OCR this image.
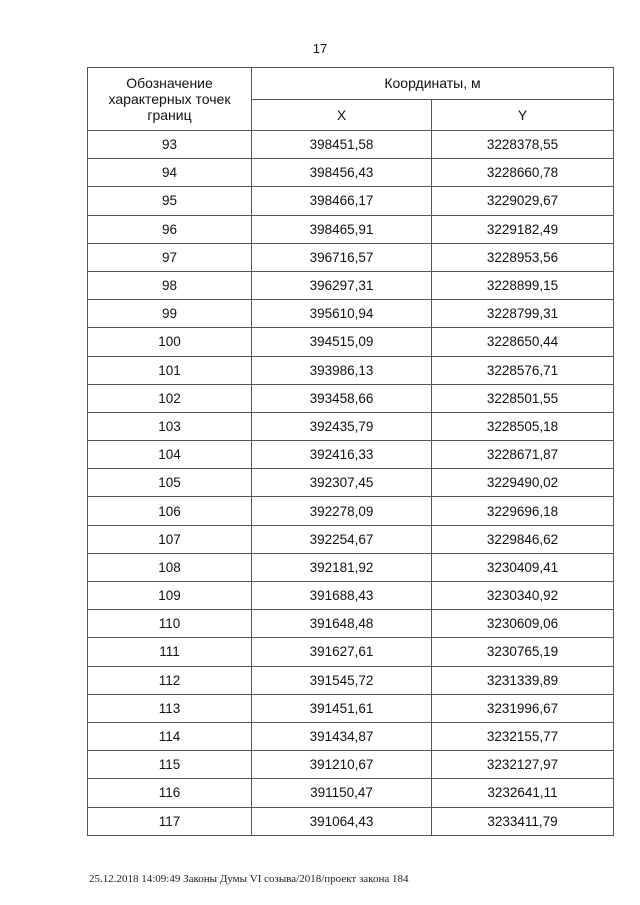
17
Обозначение характерных точек границ	Координаты, м	
	X	Y
93	398451,58	3228378,55
94	398456,43	3228660,78
95	398466,17	3229029,67
96	398465,91	3229182,49
97	396716,57	3228953,56
98	396297,31	3228899,15
99	395610,94	3228799,31
100	394515,09	3228650,44
101	393986,13	3228576,71
102	393458,66	3228501,55
103	392435,79	3228505,18
104	392416,33	3228671,87
105	392307,45	3229490,02
106	392278,09	3229696,18
107	392254,67	3229846,62
108	392181,92	3230409,41
109	391688,43	3230340,92
110	391648,48	3230609,06
111	391627,61	3230765,19
112	391545,72	3231339,89
113	391451,61	3231996,67
114	391434,87	3232155,77
115	391210,67	3232127,97
116	391150,47	3232641,11
117	391064,43	3233411,79
25.12.2018 14:09:49 Законы Думы VI созыва/2018/проект закона 184
